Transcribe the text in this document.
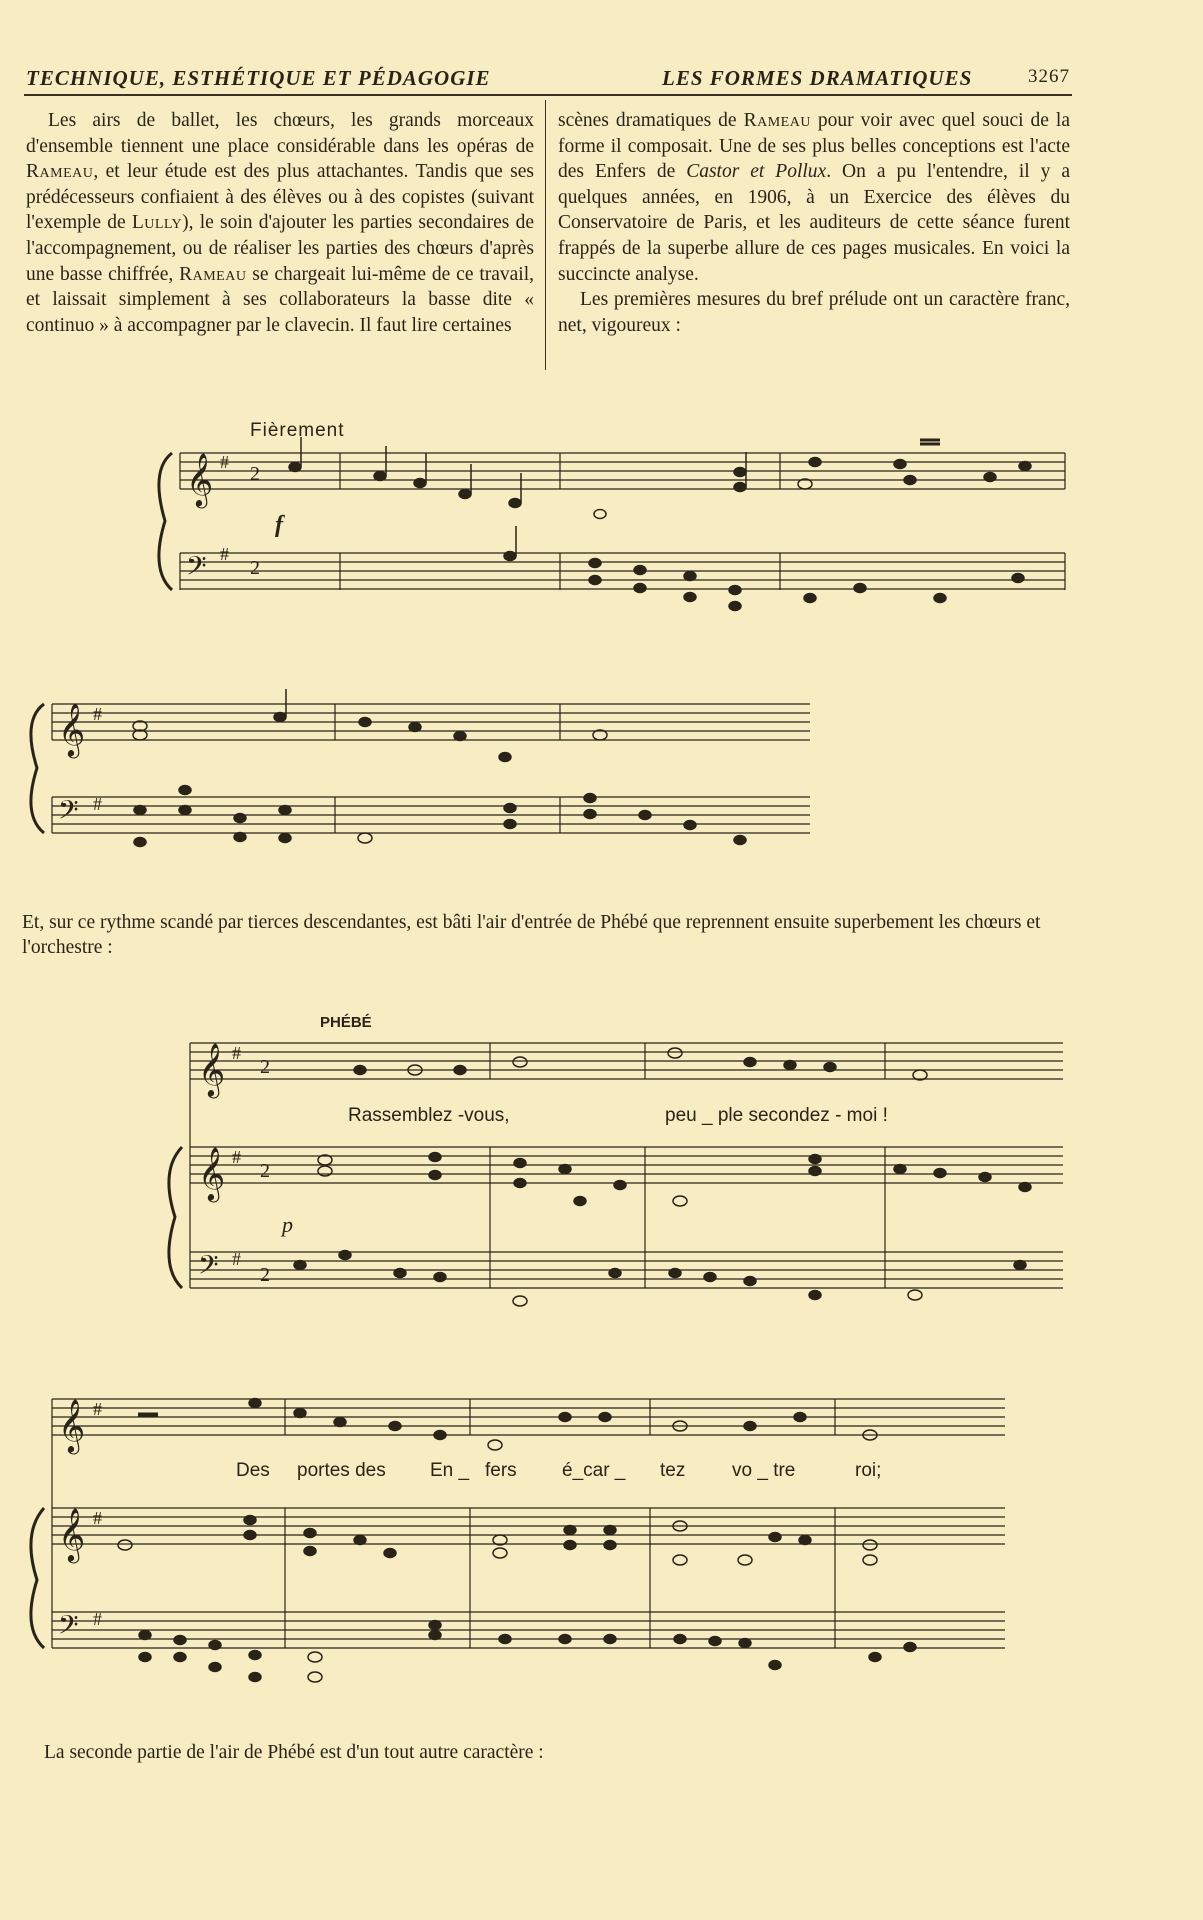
TECHNIQUE, ESTHÉTIQUE ET PÉDAGOGIE	LES FORMES DRAMATIQUES	3267

Les airs de ballet, les chœurs, les grands morceaux d'ensemble tiennent une place considérable dans les opéras de Rameau, et leur étude est des plus attachantes. Tandis que ses prédécesseurs confiaient à des élèves ou à des copistes (suivant l'exemple de Lully), le soin d'ajouter les parties secondaires de l'accompagnement, ou de réaliser les parties des chœurs d'après une basse chiffrée, Rameau se chargeait lui-même de ce travail, et laissait simplement à ses collaborateurs la basse dite « continuo » à accompagner par le clavecin. Il faut lire certaines

scènes dramatiques de Rameau pour voir avec quel souci de la forme il composait. Une de ses plus belles conceptions est l'acte des Enfers de Castor et Pollux. On a pu l'entendre, il y a quelques années, en 1906, à un Exercice des élèves du Conservatoire de Paris, et les auditeurs de cette séance furent frappés de la superbe allure de ces pages musicales. En voici la succincte analyse.

Les premières mesures du bref prélude ont un caractère franc, net, vigoureux :

Fièrement
f
𝄞
𝄢
#
#
2
2
𝄞
𝄢
#
#
Et, sur ce rythme scandé par tierces descendantes, est bâti l'air d'entrée de Phébé que reprennent ensuite superbement les chœurs et l'orchestre :
PHÉBÉ
p
Rassemblez -vous,	peu _ ple secondez - moi !
𝄞
𝄞
𝄢
#
#
#
2
2
2
Des portes des En _ fers é_car _ tez vo _ tre	roi;
𝄞
𝄞
𝄢
#
#
#
La seconde partie de l'air de Phébé est d'un tout autre caractère :
